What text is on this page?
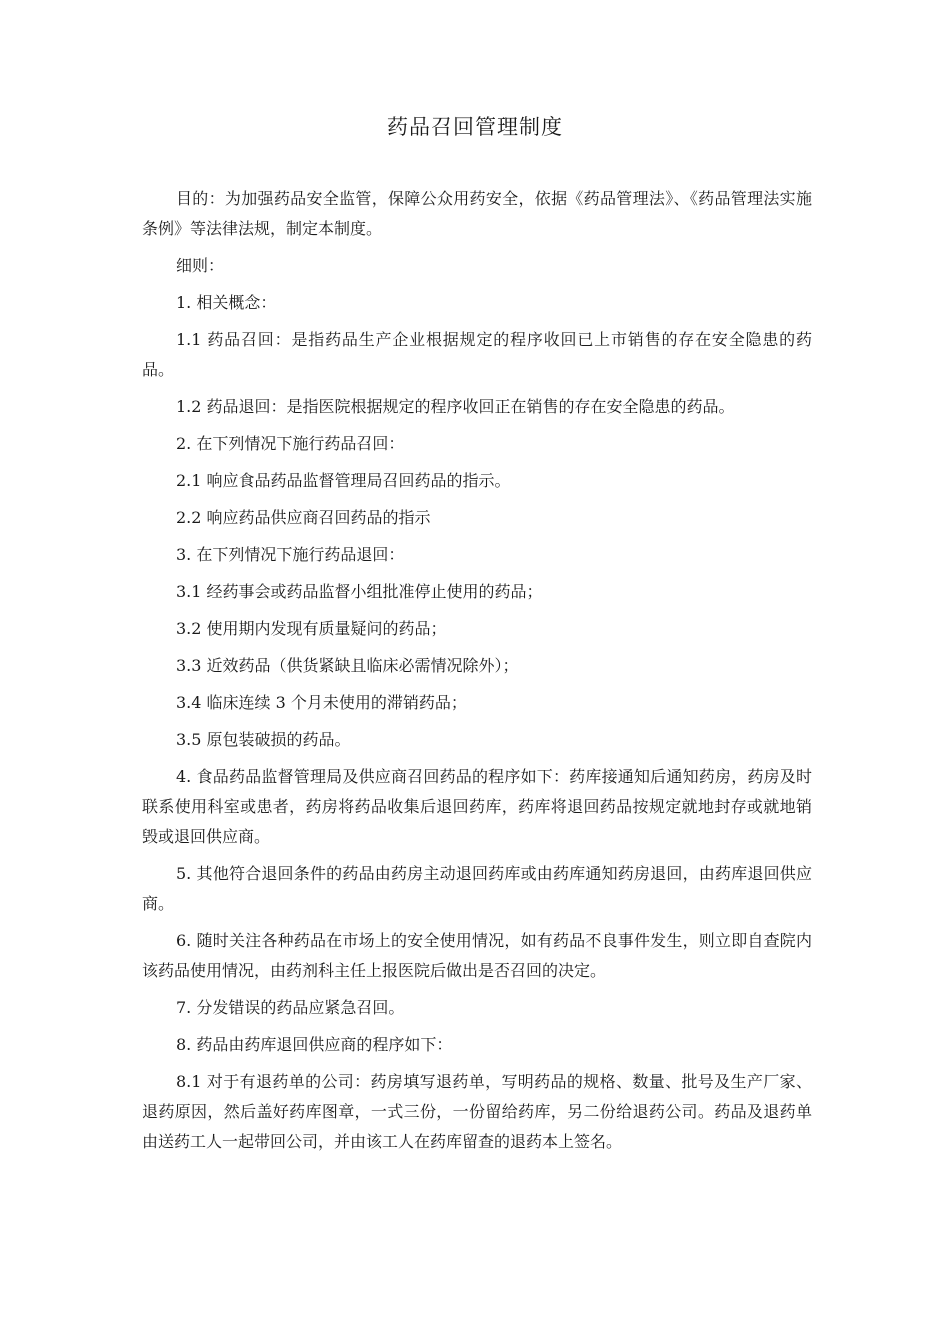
药品召回管理制度

目的：为加强药品安全监管，保障公众用药安全，依据《药品管理法》、《药品管理法实施条例》等法律法规，制定本制度。

细则：

1. 相关概念：

1.1 药品召回：是指药品生产企业根据规定的程序收回已上市销售的存在安全隐患的药品。

1.2 药品退回：是指医院根据规定的程序收回正在销售的存在安全隐患的药品。

2. 在下列情况下施行药品召回：

2.1 响应食品药品监督管理局召回药品的指示。

2.2 响应药品供应商召回药品的指示

3. 在下列情况下施行药品退回：

3.1 经药事会或药品监督小组批准停止使用的药品；

3.2 使用期内发现有质量疑问的药品；

3.3 近效药品（供货紧缺且临床必需情况除外）；

3.4 临床连续 3 个月未使用的滞销药品；

3.5 原包装破损的药品。

4. 食品药品监督管理局及供应商召回药品的程序如下：药库接通知后通知药房，药房及时联系使用科室或患者，药房将药品收集后退回药库，药库将退回药品按规定就地封存或就地销毁或退回供应商。

5. 其他符合退回条件的药品由药房主动退回药库或由药库通知药房退回，由药库退回供应商。

6. 随时关注各种药品在市场上的安全使用情况，如有药品不良事件发生，则立即自查院内该药品使用情况，由药剂科主任上报医院后做出是否召回的决定。

7. 分发错误的药品应紧急召回。

8. 药品由药库退回供应商的程序如下：

8.1 对于有退药单的公司：药房填写退药单，写明药品的规格、数量、批号及生产厂家、退药原因，然后盖好药库图章，一式三份，一份留给药库，另二份给退药公司。药品及退药单由送药工人一起带回公司，并由该工人在药库留查的退药本上签名。
